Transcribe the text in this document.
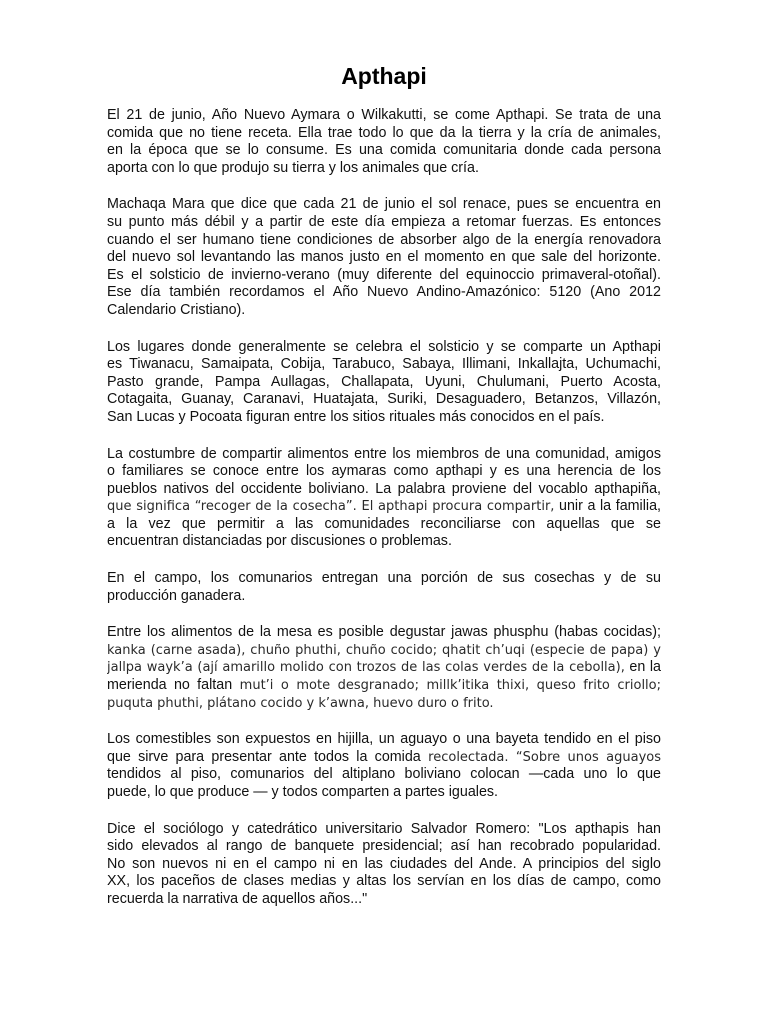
Apthapi
El 21 de junio, Año Nuevo Aymara o Wilkakutti, se come Apthapi. Se trata de una
comida que no tiene receta. Ella trae todo lo que da la tierra y la cría de animales,
en la época que se lo consume. Es una comida comunitaria donde cada persona
aporta con lo que produjo su tierra y los animales que cría.
Machaqa Mara que dice que cada 21 de junio el sol renace, pues se encuentra en
su punto más débil y a partir de este día empieza a retomar fuerzas. Es entonces
cuando el ser humano tiene condiciones de absorber algo de la energía renovadora
del nuevo sol levantando las manos justo en el momento en que sale del horizonte.
Es el solsticio de invierno-verano (muy diferente del equinoccio primaveral-otoñal).
Ese día también recordamos el Año Nuevo Andino-Amazónico: 5120 (Ano 2012
Calendario Cristiano).
Los lugares donde generalmente se celebra el solsticio y se comparte un Apthapi
es Tiwanacu, Samaipata, Cobija, Tarabuco, Sabaya, Illimani, Inkallajta, Uchumachi,
Pasto grande, Pampa Aullagas, Challapata, Uyuni, Chulumani, Puerto Acosta,
Cotagaita, Guanay, Caranavi, Huatajata, Suriki, Desaguadero, Betanzos, Villazón,
San Lucas y Pocoata figuran entre los sitios rituales más conocidos en el país.
La costumbre de compartir alimentos entre los miembros de una comunidad, amigos
o familiares se conoce entre los aymaras como apthapi y es una herencia de los
pueblos nativos del occidente boliviano. La palabra proviene del vocablo apthapiña,
que significa “recoger de la cosecha”. El apthapi procura compartir, unir a la familia,
a la vez que permitir a las comunidades reconciliarse con aquellas que se
encuentran distanciadas por discusiones o problemas.
En el campo, los comunarios entregan una porción de sus cosechas y de su
producción ganadera.
Entre los alimentos de la mesa es posible degustar jawas phusphu (habas cocidas);
kanka (carne asada), chuño phuthi, chuño cocido; qhatit ch’uqi (especie de papa) y
jallpa wayk’a (ají amarillo molido con trozos de las colas verdes de la cebolla), en la
merienda no faltan mut’i o mote desgranado; millk’itika thixi, queso frito criollo;
puquta phuthi, plátano cocido y k’awna, huevo duro o frito.
Los comestibles son expuestos en hijilla, un aguayo o una bayeta tendido en el piso
que sirve para presentar ante todos la comida recolectada. “Sobre unos aguayos
tendidos al piso, comunarios del altiplano boliviano colocan —cada uno lo que
puede, lo que produce — y todos comparten a partes iguales.
Dice el sociólogo y catedrático universitario Salvador Romero: "Los apthapis han
sido elevados al rango de banquete presidencial; así han recobrado popularidad.
No son nuevos ni en el campo ni en las ciudades del Ande. A principios del siglo
XX, los paceños de clases medias y altas los servían en los días de campo, como
recuerda la narrativa de aquellos años..."
